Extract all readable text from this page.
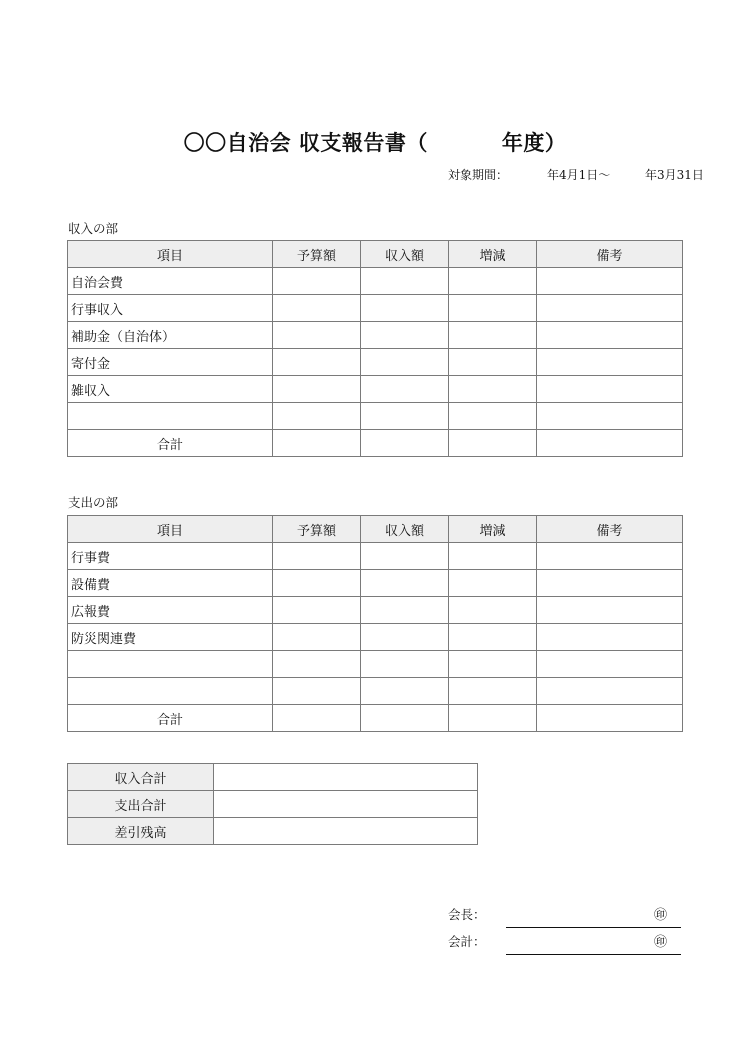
〇〇自治会 収支報告書（	年度）
対象期間：	年4月1日〜	年3月31日
収入の部
項目	予算額	収入額	増減	備考
自治会費				
行事収入				
補助金（自治体）				
寄付金				
雑収入				

合計				
支出の部
項目	予算額	収入額	増減	備考
行事費				
設備費				
広報費				
防災関連費				

合計				
収入合計	
支出合計	
差引残高	
会長：	㊞
会計：	㊞
